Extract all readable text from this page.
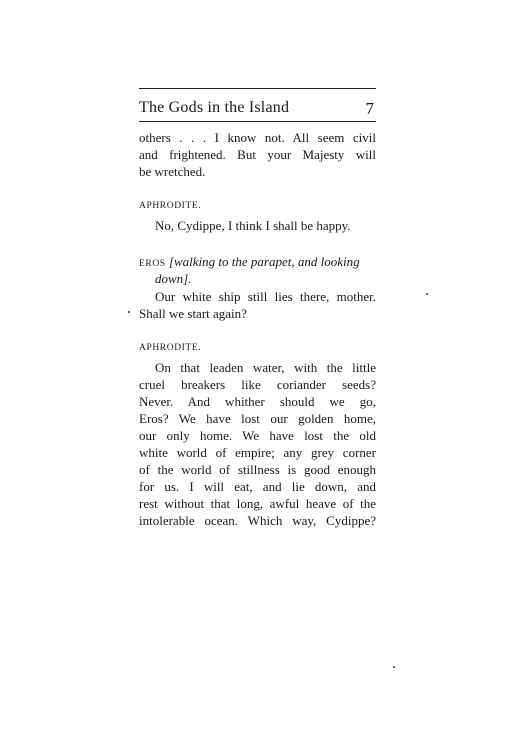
The Gods in the Island	7
others . . . I know not. All seem civil
and frightened. But your Majesty will
be wretched.
APHRODITE.
No, Cydippe, I think I shall be happy.
EROS [walking to the parapet, and looking
down].
Our white ship still lies there, mother.
Shall we start again?
APHRODITE.
On that leaden water, with the little
cruel breakers like coriander seeds?
Never. And whither should we go,
Eros? We have lost our golden home,
our only home. We have lost the old
white world of empire; any grey corner
of the world of stillness is good enough
for us. I will eat, and lie down, and
rest without that long, awful heave of the
intolerable ocean. Which way, Cydippe?
